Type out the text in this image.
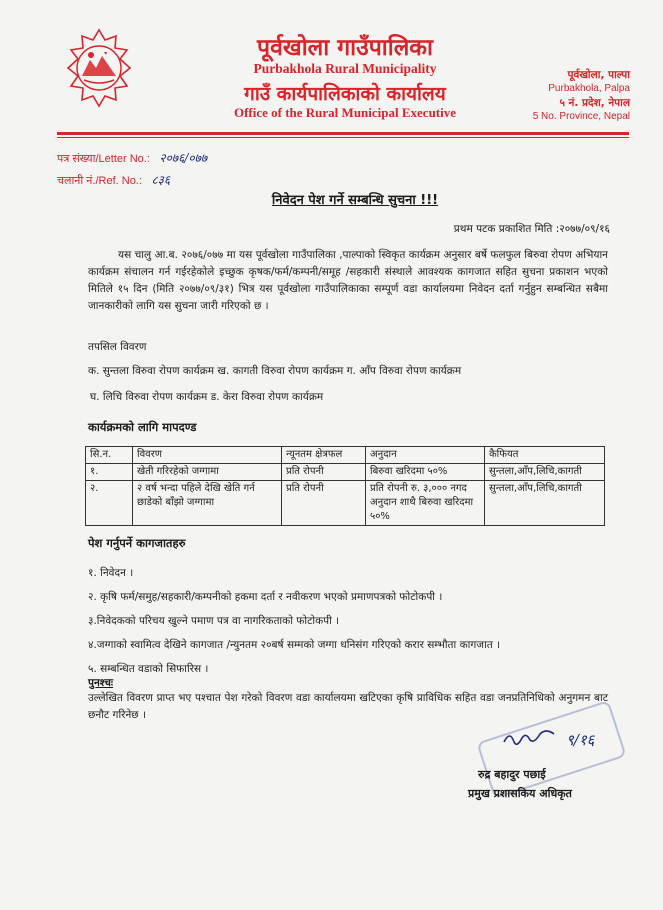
पूर्वखोला गाउँपालिका
Purbakhola Rural Municipality
गाउँ कार्यपालिकाको कार्यालय
Office of the Rural Municipal Executive
पूर्वखोला, पाल्पा
Purbakhola, Palpa
५ नं. प्रदेश, नेपाल
5 No. Province, Nepal
पत्र संख्या/Letter No.: २०७६/०७७
चलानी नं./Ref. No.: ८३६
निवेदन पेश गर्ने सम्बन्धि सुचना !!!
प्रथम पटक प्रकाशित मिति :२०७७/०९/१६
यस चालु आ.ब. २०७६/०७७ मा यस पूर्वखोला गाउँपालिका ,पाल्पाको स्विकृत कार्यक्रम अनुसार बर्षे फलफुल बिरुवा रोपण अभियान कार्यक्रम संचालन गर्न गईरहेकोले इच्छुक कृषक/फर्म/कम्पनी/समूह /सहकारी संस्थाले आवश्यक कागजात सहित सुचना प्रकाशन भएको मितिले १५ दिन (मिति २०७७/०९/३१) भित्र यस पूर्वखोला गाउँपालिकाका सम्पूर्ण वडा कार्यालयमा निवेदन दर्ता गर्नुहुन सम्बन्धित सबैमा जानकारीको लागि यस सुचना जारी गरिएको छ ।
तपसिल विवरण
क. सुन्तला विरुवा रोपण कार्यक्रम ख. कागती विरुवा रोपण कार्यक्रम ग. आँप विरुवा रोपण कार्यक्रम
घ. लिचि विरुवा रोपण कार्यक्रम ड. केरा विरुवा रोपण कार्यक्रम
कार्यक्रमको लागि मापदण्ड
सि.न.	विवरण	न्यूनतम क्षेत्रफल	अनुदान	कैफियत
१.	खेती गरिरहेको जग्गामा	प्रति रोपनी	बिरुवा खरिदमा ५०%	सुन्तला,आँप,लिचि,कागती
२.	२ वर्ष भन्दा पहिले देखि खेति गर्न छाडेको बाँझो जग्गामा	प्रति रोपनी	प्रति रोपनी रु. ३,००० नगद अनुदान शाथै बिरुवा खरिदमा ५०%	सुन्तला,आँप,लिचि,कागती
पेश गर्नुपर्ने कागजातहरु
१. निवेदन ।
२. कृषि फर्म/समुह/सहकारी/कम्पनीको हकमा दर्ता र नवीकरण भएको प्रमाणपत्रको फोटोकपी ।
३.निवेदकको परिचय खुल्ने पमाण पत्र वा नागरिकताको फोटोकपी ।
४.जग्गाको स्वामित्व देखिने कागजात /न्युनतम २०बर्ष सम्मको जग्गा धनिसंग गरिएको करार सम्भौता कागजात ।
५. सम्बन्धित वडाको सिफारिस ।
पुनश्चः
उल्लेखित विवरण प्राप्त भए पश्चात पेश गरेको विवरण वडा कार्यालयमा खटिएका कृषि प्राविधिक सहित वडा जनप्रतिनिधिको अनुगमन बाट छनौट गरिनेछ ।
९/१६
रुद्र बहादुर पछाई
प्रमुख प्रशासकिय अधिकृत
